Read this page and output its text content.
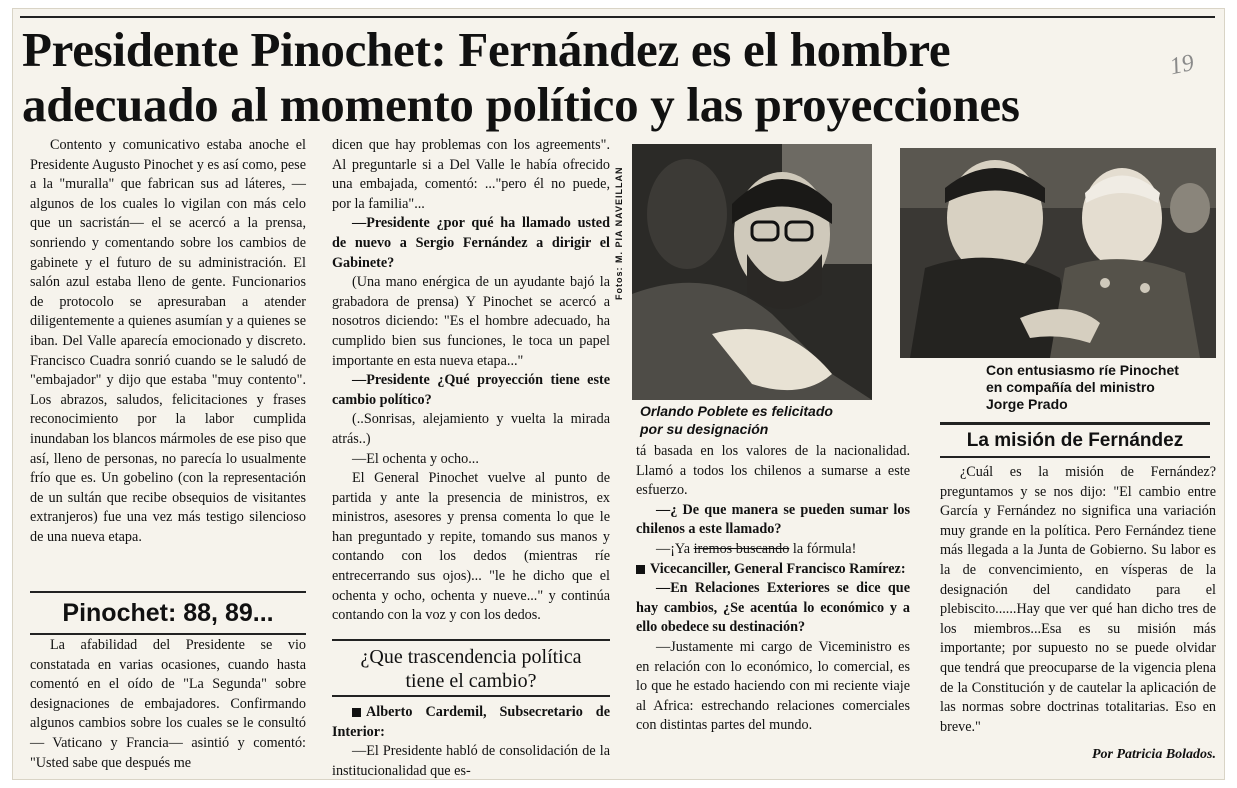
Presidente Pinochet: Fernández es el hombre
adecuado al momento político y las proyecciones
19

Contento y comunicativo estaba anoche el Presidente Augusto Pinochet y es así como, pese a la "muralla" que fabrican sus ad láteres, —algunos de los cuales lo vigilan con más celo que un sacristán— el se acercó a la prensa, sonriendo y comentando sobre los cambios de gabinete y el futuro de su administración. El salón azul estaba lleno de gente. Funcionarios de protocolo se apresuraban a atender diligentemente a quienes asumían y a quienes se iban. Del Valle aparecía emocionado y discreto. Francisco Cuadra sonrió cuando se le saludó de "embajador" y dijo que estaba "muy contento". Los abrazos, saludos, felicitaciones y frases reconocimiento por la labor cumplida inundaban los blancos mármoles de ese piso que así, lleno de personas, no parecía lo usualmente frío que es. Un gobelino (con la representación de un sultán que recibe obsequios de visitantes extranjeros) fue una vez más testigo silencioso de una nueva etapa.

Pinochet: 88, 89...

La afabilidad del Presidente se vio constatada en varias ocasiones, cuando hasta comentó en el oído de "La Segunda" sobre designaciones de embajadores. Confirmando algunos cambios sobre los cuales se le consultó — Vaticano y Francia— asintió y comentó: "Usted sabe que después me

dicen que hay problemas con los agreements". Al preguntarle si a Del Valle le había ofrecido una embajada, comentó: ..."pero él no puede, por la familia"...

—Presidente ¿por qué ha llamado usted de nuevo a Sergio Fernández a dirigir el Gabinete?

(Una mano enérgica de un ayudante bajó la grabadora de prensa) Y Pinochet se acercó a nosotros diciendo: "Es el hombre adecuado, ha cumplido bien sus funciones, le toca un papel importante en esta nueva etapa..."

—Presidente ¿Qué proyección tiene este cambio político?

(..Sonrisas, alejamiento y vuelta la mirada atrás..)

—El ochenta y ocho...

El General Pinochet vuelve al punto de partida y ante la presencia de ministros, ex ministros, asesores y prensa comenta lo que le han preguntado y repite, tomando sus manos y contando con los dedos (mientras ríe entrecerrando sus ojos)... "le he dicho que el ochenta y ocho, ochenta y nueve..." y continúa contando con la voz y con los dedos.

¿Que trascendencia política
tiene el cambio?

Alberto Cardemil, Subsecretario de Interior:

—El Presidente habló de consolidación de la institucionalidad que es-

Fotos: M. PIA NAVEILLAN
Orlando Poblete es felicitado
por su designación
Con entusiasmo ríe Pinochet
en compañía del ministro
Jorge Prado

tá basada en los valores de la nacionalidad. Llamó a todos los chilenos a sumarse a este esfuerzo.

—¿ De que manera se pueden sumar los chilenos a este llamado?

—¡Ya iremos buscando la fórmula!

Vicecanciller, General Francisco Ramírez:

—En Relaciones Exteriores se dice que hay cambios, ¿Se acentúa lo económico y a ello obedece su destinación?

—Justamente mi cargo de Viceministro es en relación con lo económico, lo comercial, es lo que he estado haciendo con mi reciente viaje al Africa: estrechando relaciones comerciales con distintas partes del mundo.

La misión de Fernández

¿Cuál es la misión de Fernández? preguntamos y se nos dijo: "El cambio entre García y Fernández no significa una variación muy grande en la política. Pero Fernández tiene más llegada a la Junta de Gobierno. Su labor es la de convencimiento, en vísperas de la designación del candidato para el plebiscito......Hay que ver qué han dicho tres de los miembros...Esa es su misión más importante; por supuesto no se puede olvidar que tendrá que preocuparse de la vigencia plena de la Constitución y de cautelar la aplicación de las normas sobre doctrinas totalitarias. Eso en breve."

Por Patricia Bolados.
